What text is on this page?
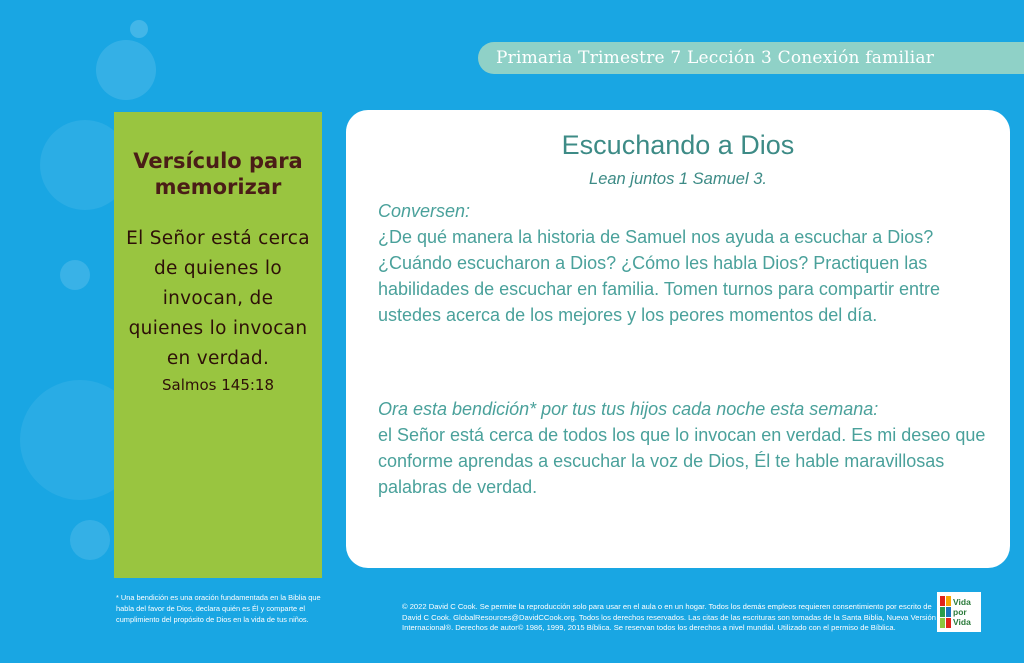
Primaria Trimestre 7 Lección 3 Conexión familiar
Versículo para memorizar
El Señor está cerca de quienes lo invocan, de quienes lo invocan en verdad.
Salmos 145:18
Escuchando a Dios
Lean juntos 1 Samuel 3.
Conversen:
¿De qué manera la historia de Samuel nos ayuda a escuchar a Dios? ¿Cuándo escucharon a Dios? ¿Cómo les habla Dios? Practiquen las habilidades de escuchar en familia. Tomen turnos para compartir entre ustedes acerca de los mejores y los peores momentos del día.
Ora esta bendición* por tus tus hijos cada noche esta semana:
el Señor está cerca de todos los que lo invocan en verdad. Es mi deseo que conforme aprendas a escuchar la voz de Dios, Él te hable maravillosas palabras de verdad.
* Una bendición es una oración fundamentada en la Biblia que habla del favor de Dios, declara quién es Él y comparte el cumplimiento del propósito de Dios en la vida de tus niños.
© 2022 David C Cook. Se permite la reproducción solo para usar en el aula o en un hogar. Todos los demás empleos requieren consentimiento por escrito de David C Cook. GlobalResources@DavidCCook.org. Todos los derechos reservados. Las citas de las escrituras son tomadas de la Santa Biblia, Nueva Versión Internacional®. Derechos de autor© 1986, 1999, 2015 Bíblica. Se reservan todos los derechos a nivel mundial. Utilizado con el permiso de Bíblica.
Vida
por
Vida
